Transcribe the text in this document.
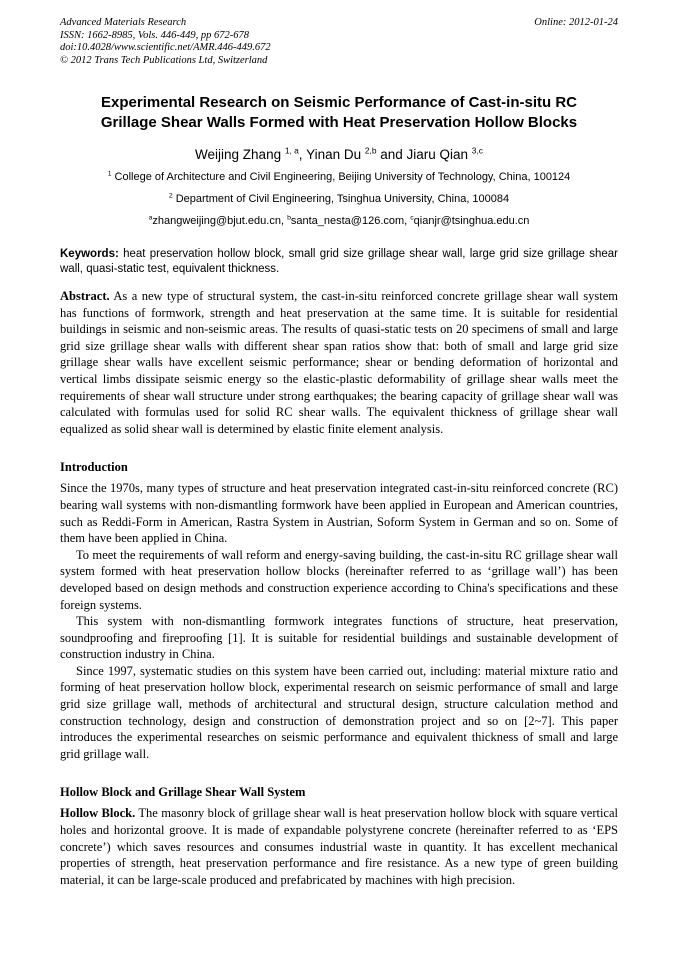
Advanced Materials Research	Online: 2012-01-24
ISSN: 1662-8985, Vols. 446-449, pp 672-678
doi:10.4028/www.scientific.net/AMR.446-449.672
© 2012 Trans Tech Publications Ltd, Switzerland
Experimental Research on Seismic Performance of Cast-in-situ RC Grillage Shear Walls Formed with Heat Preservation Hollow Blocks
Weijing Zhang $^{1, a}$, Yinan Du $^{2,b}$ and Jiaru Qian $^{3,c}$
$^1$ College of Architecture and Civil Engineering, Beijing University of Technology, China, 100124
$^2$ Department of Civil Engineering, Tsinghua University, China, 100084
$^a$zhangweijing@bjut.edu.cn, $^b$santa_nesta@126.com, $^c$qianjr@tsinghua.edu.cn

Keywords: heat preservation hollow block, small grid size grillage shear wall, large grid size grillage shear wall, quasi-static test, equivalent thickness.

Abstract. As a new type of structural system, the cast-in-situ reinforced concrete grillage shear wall system has functions of formwork, strength and heat preservation at the same time. It is suitable for residential buildings in seismic and non-seismic areas. The results of quasi-static tests on 20 specimens of small and large grid size grillage shear walls with different shear span ratios show that: both of small and large grid size grillage shear walls have excellent seismic performance; shear or bending deformation of horizontal and vertical limbs dissipate seismic energy so the elastic-plastic deformability of grillage shear walls meet the requirements of shear wall structure under strong earthquakes; the bearing capacity of grillage shear wall was calculated with formulas used for solid RC shear walls. The equivalent thickness of grillage shear wall equalized as solid shear wall is determined by elastic finite element analysis.

Introduction

Since the 1970s, many types of structure and heat preservation integrated cast-in-situ reinforced concrete (RC) bearing wall systems with non-dismantling formwork have been applied in European and American countries, such as Reddi-Form in American, Rastra System in Austrian, Soform System in German and so on. Some of them have been applied in China.

To meet the requirements of wall reform and energy-saving building, the cast-in-situ RC grillage shear wall system formed with heat preservation hollow blocks (hereinafter referred to as ‘grillage wall’) has been developed based on design methods and construction experience according to China's specifications and these foreign systems.

This system with non-dismantling formwork integrates functions of structure, heat preservation, soundproofing and fireproofing [1]. It is suitable for residential buildings and sustainable development of construction industry in China.

Since 1997, systematic studies on this system have been carried out, including: material mixture ratio and forming of heat preservation hollow block, experimental research on seismic performance of small and large grid size grillage wall, methods of architectural and structural design, structure calculation method and construction technology, design and construction of demonstration project and so on [2~7]. This paper introduces the experimental researches on seismic performance and equivalent thickness of small and large grid grillage wall.

Hollow Block and Grillage Shear Wall System

Hollow Block. The masonry block of grillage shear wall is heat preservation hollow block with square vertical holes and horizontal groove. It is made of expandable polystyrene concrete (hereinafter referred to as ‘EPS concrete’) which saves resources and consumes industrial waste in quantity. It has excellent mechanical properties of strength, heat preservation performance and fire resistance. As a new type of green building material, it can be large-scale produced and prefabricated by machines with high precision.
